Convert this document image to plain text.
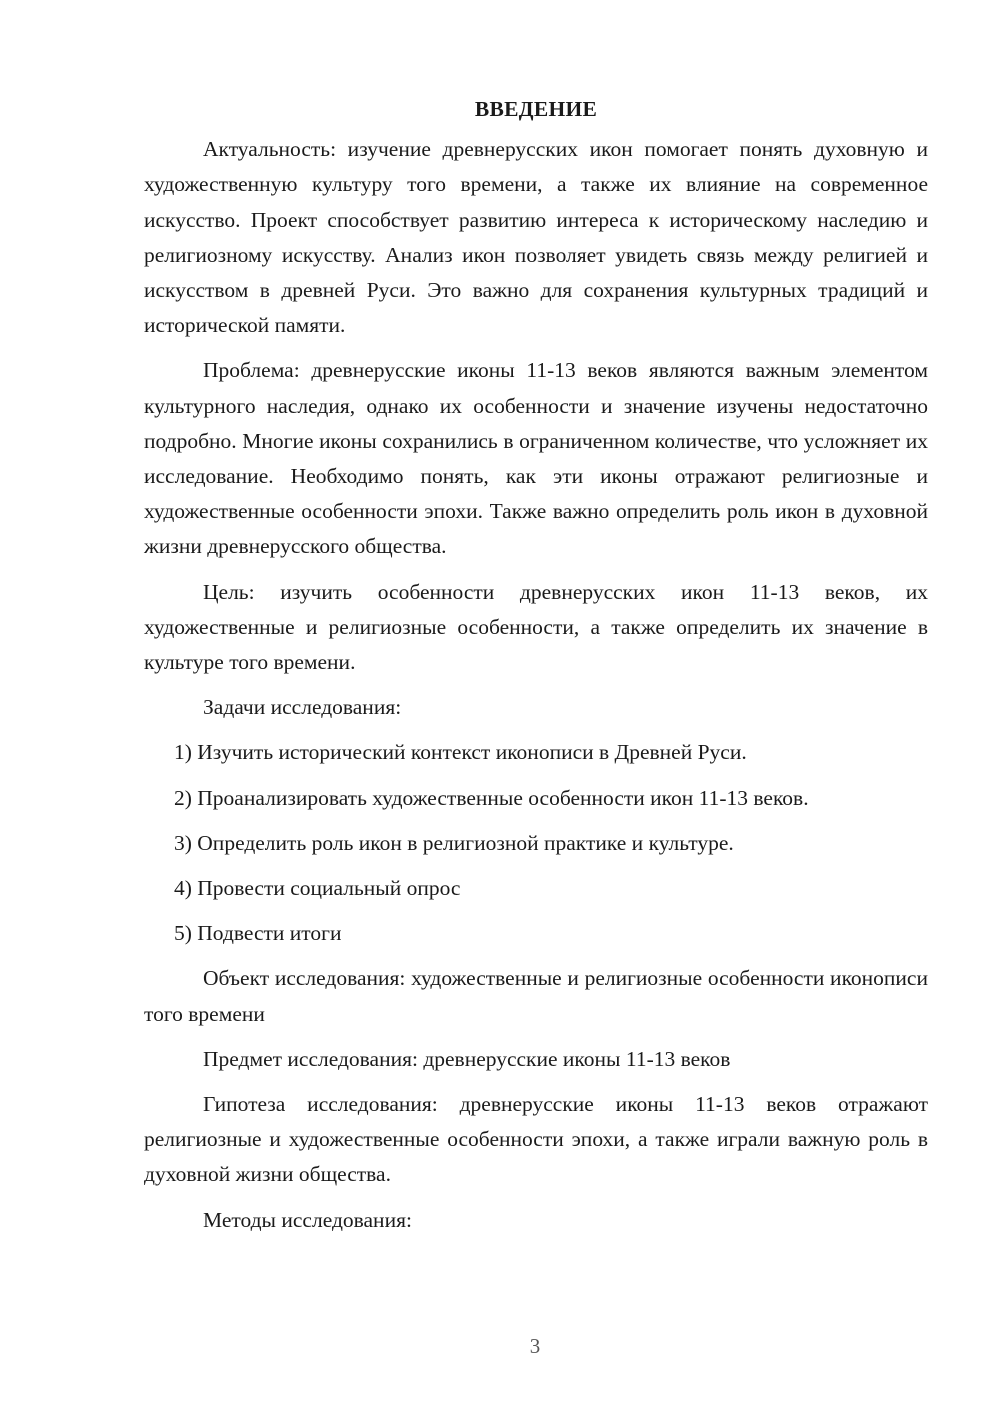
ВВЕДЕНИЕ

Актуальность: изучение древнерусских икон помогает понять духовную и художественную культуру того времени, а также их влияние на современное искусство. Проект способствует развитию интереса к историческому наследию и религиозному искусству. Анализ икон позволяет увидеть связь между религией и искусством в древней Руси. Это важно для сохранения культурных традиций и исторической памяти.

Проблема: древнерусские иконы 11-13 веков являются важным элементом культурного наследия, однако их особенности и значение изучены недостаточно подробно. Многие иконы сохранились в ограниченном количестве, что усложняет их исследование. Необходимо понять, как эти иконы отражают религиозные и художественные особенности эпохи. Также важно определить роль икон в духовной жизни древнерусского общества.

Цель: изучить особенности древнерусских икон 11-13 веков, их художественные и религиозные особенности, а также определить их значение в культуре того времени.

Задачи исследования:

1) Изучить исторический контекст иконописи в Древней Руси.
2) Проанализировать художественные особенности икон 11-13 веков.
3) Определить роль икон в религиозной практике и культуре.
4) Провести социальный опрос
5) Подвести итоги

Объект исследования: художественные и религиозные особенности иконописи того времени

Предмет исследования: древнерусские иконы 11-13 веков

Гипотеза исследования: древнерусские иконы 11-13 веков отражают религиозные и художественные особенности эпохи, а также играли важную роль в духовной жизни общества.

Методы исследования:

3
